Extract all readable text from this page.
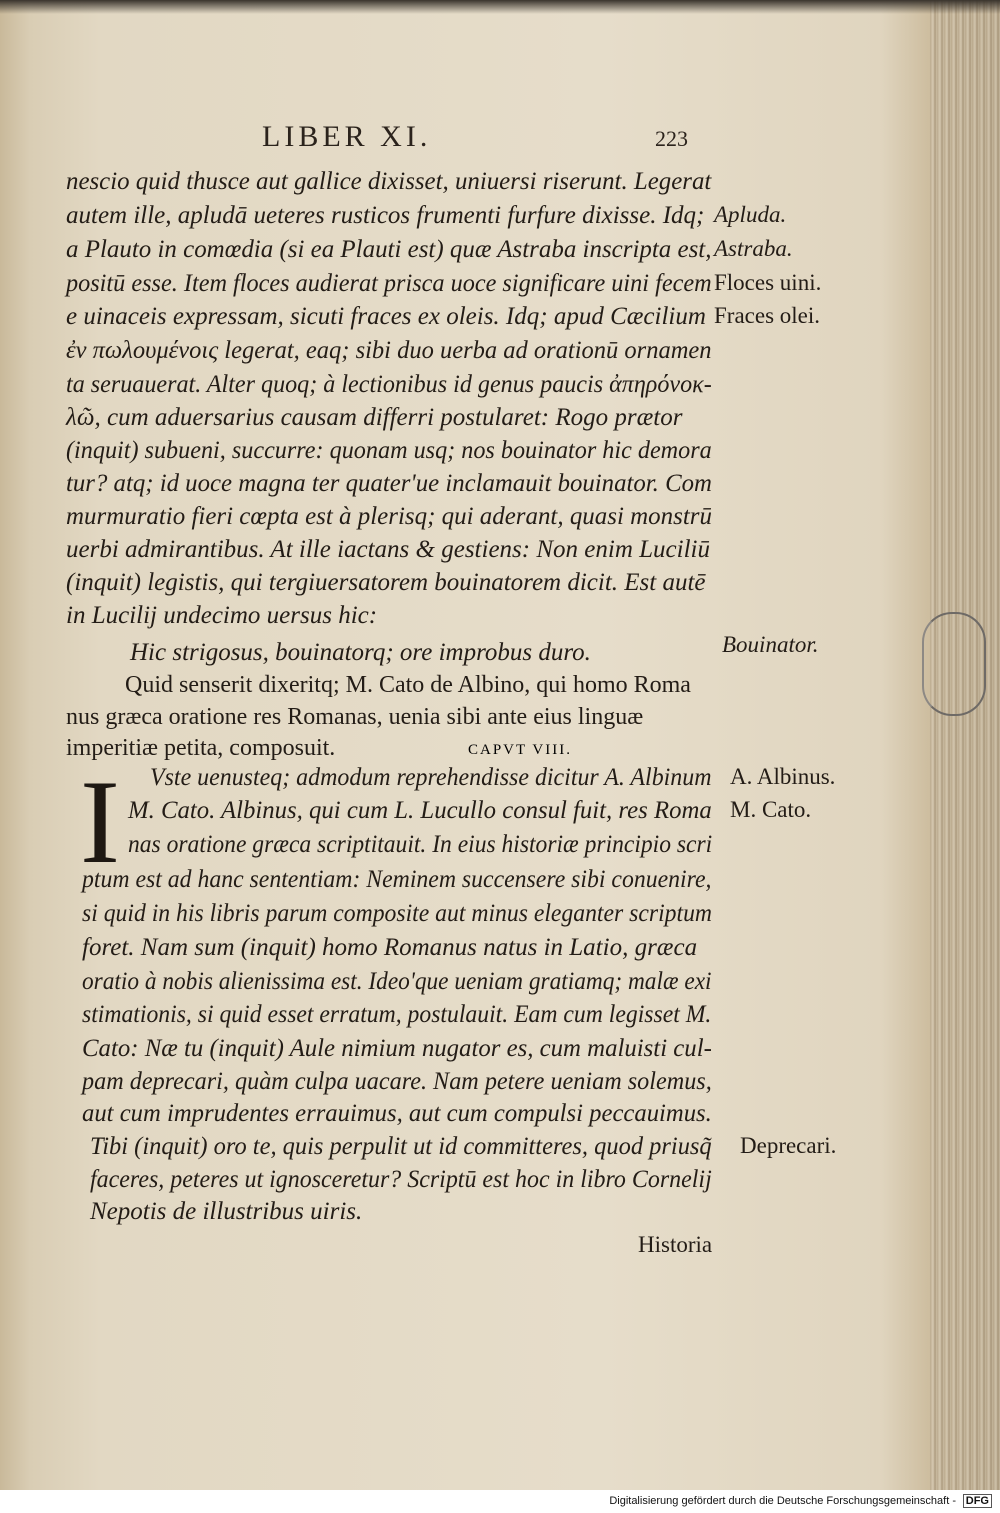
LIBER XI.	223
nescio quid thusce aut gallice dixisset, uniuersi riserunt. Legerat
autem ille, apludā ueteres rusticos frumenti furfure dixisse. Idq;
a Plauto in comœdia (si ea Plauti est) quæ Astraba inscripta est,
positū esse. Item floces audierat prisca uoce significare uini fecem
e uinaceis expressam, sicuti fraces ex oleis. Idq; apud Cæcilium
ἐν πωλουμένοις legerat, eaq; sibi duo uerba ad orationū ornamen
ta seruauerat. Alter quoq; à lectionibus id genus paucis ἀπηρόνοκ-
λῶ, cum aduersarius causam differri postularet: Rogo prætor
(inquit) subueni, succurre: quonam usq; nos bouinator hic demora
tur? atq; id uoce magna ter quater'ue inclamauit bouinator. Com
murmuratio fieri cœpta est à plerisq; qui aderant, quasi monstrū
uerbi admirantibus. At ille iactans & gestiens: Non enim Luciliū
(inquit) legistis, qui tergiuersatorem bouinatorem dicit. Est autē
in Lucilij undecimo uersus hic:
Hic strigosus, bouinatorq; ore improbus duro.
Quid senserit dixeritq; M. Cato de Albino, qui homo Roma
nus græca oratione res Romanas, uenia sibi ante eius linguæ
imperitiæ petita, composuit.	CAPVT VIII.
I Vste uenusteq; admodum reprehendisse dicitur A. Albinum
M. Cato. Albinus, qui cum L. Lucullo consul fuit, res Roma
nas oratione græca scriptitauit. In eius historiæ principio scri
ptum est ad hanc sententiam: Neminem succensere sibi conuenire,
si quid in his libris parum composite aut minus eleganter scriptum
foret. Nam sum (inquit) homo Romanus natus in Latio, græca
oratio à nobis alienissima est. Ideo'que ueniam gratiamq; malæ exi
stimationis, si quid esset erratum, postulauit. Eam cum legisset M.
Cato: Næ tu (inquit) Aule nimium nugator es, cum maluisti cul-
pam deprecari, quàm culpa uacare. Nam petere ueniam solemus,
aut cum imprudentes errauimus, aut cum compulsi peccauimus.
Tibi (inquit) oro te, quis perpulit ut id committeres, quod priusq̃
faceres, peteres ut ignosceretur? Scriptū est hoc in libro Cornelij
Nepotis de illustribus uiris.
Apluda.
Astraba.
Floces uini.
Fraces olei.
Bouinator.
A. Albinus.
M. Cato.
Deprecari.
Historia
Digitalisierung gefördert durch die Deutsche Forschungsgemeinschaft - DFG
